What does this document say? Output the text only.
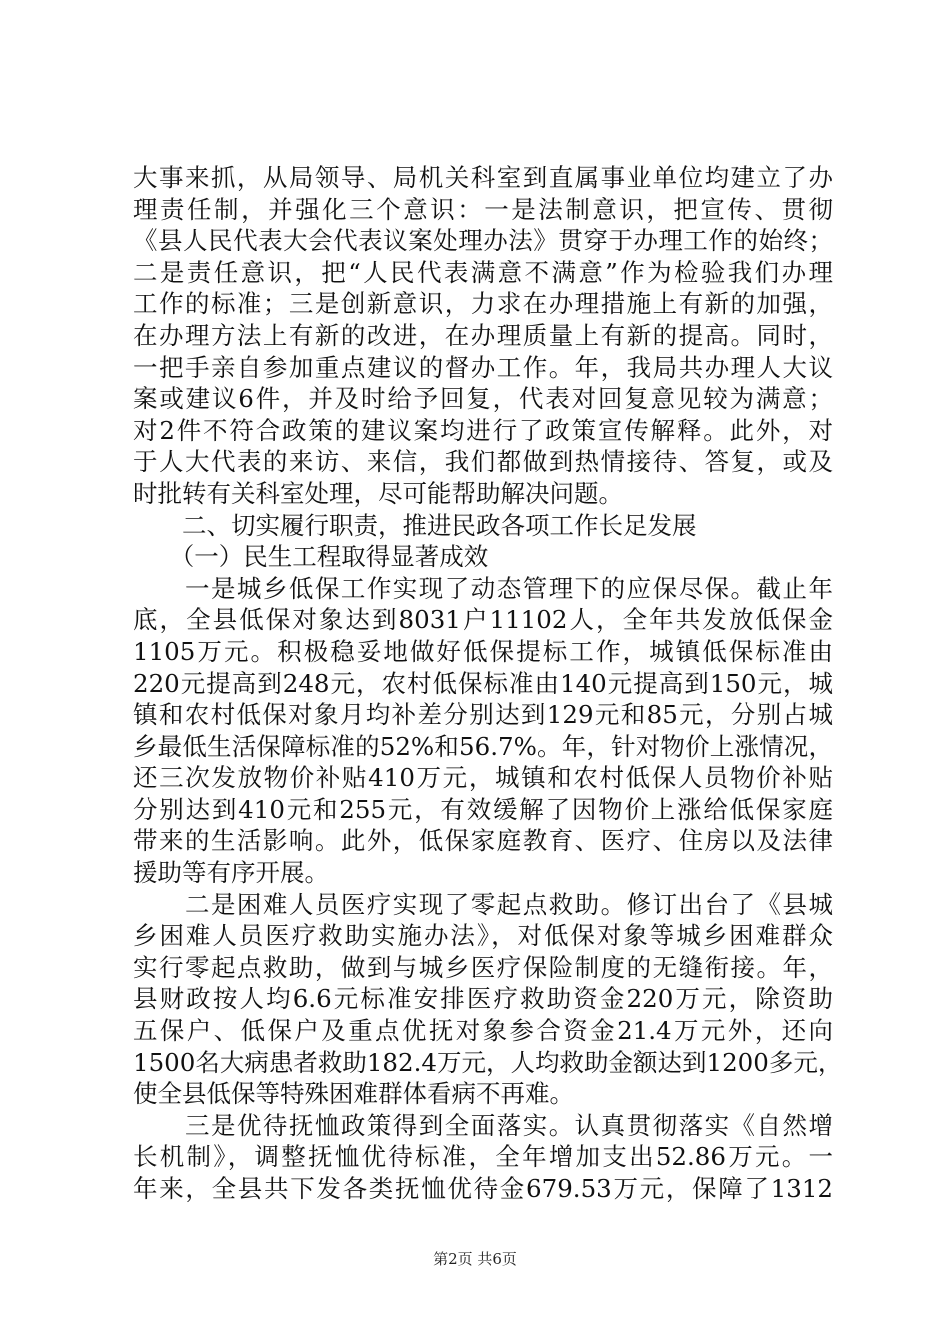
大事来抓，从局领导、局机关科室到直属事业单位均建立了办
理责任制，并强化三个意识：一是法制意识，把宣传、贯彻
《县人民代表大会代表议案处理办法》贯穿于办理工作的始终；
二是责任意识，把“人民代表满意不满意”作为检验我们办理
工作的标准；三是创新意识，力求在办理措施上有新的加强，
在办理方法上有新的改进，在办理质量上有新的提高。同时，
一把手亲自参加重点建议的督办工作。年，我局共办理人大议
案或建议6件，并及时给予回复，代表对回复意见较为满意；
对2件不符合政策的建议案均进行了政策宣传解释。此外，对
于人大代表的来访、来信，我们都做到热情接待、答复，或及
时批转有关科室处理，尽可能帮助解决问题。
　　二、切实履行职责，推进民政各项工作长足发展
　　（一）民生工程取得显著成效
　　一是城乡低保工作实现了动态管理下的应保尽保。截止年
底，全县低保对象达到8031户11102人，全年共发放低保金
1105万元。积极稳妥地做好低保提标工作，城镇低保标准由
220元提高到248元，农村低保标准由140元提高到150元，城
镇和农村低保对象月均补差分别达到129元和85元，分别占城
乡最低生活保障标准的52%和56.7%。年，针对物价上涨情况，
还三次发放物价补贴410万元，城镇和农村低保人员物价补贴
分别达到410元和255元，有效缓解了因物价上涨给低保家庭
带来的生活影响。此外，低保家庭教育、医疗、住房以及法律
援助等有序开展。
　　二是困难人员医疗实现了零起点救助。修订出台了《县城
乡困难人员医疗救助实施办法》，对低保对象等城乡困难群众
实行零起点救助，做到与城乡医疗保险制度的无缝衔接。年，
县财政按人均6.6元标准安排医疗救助资金220万元，除资助
五保户、低保户及重点优抚对象参合资金21.4万元外，还向
1500名大病患者救助182.4万元，人均救助金额达到1200多元，
使全县低保等特殊困难群体看病不再难。
　　三是优待抚恤政策得到全面落实。认真贯彻落实《自然增
长机制》，调整抚恤优待标准，全年增加支出52.86万元。一
年来，全县共下发各类抚恤优待金679.53万元，保障了1312
第2页 共6页
